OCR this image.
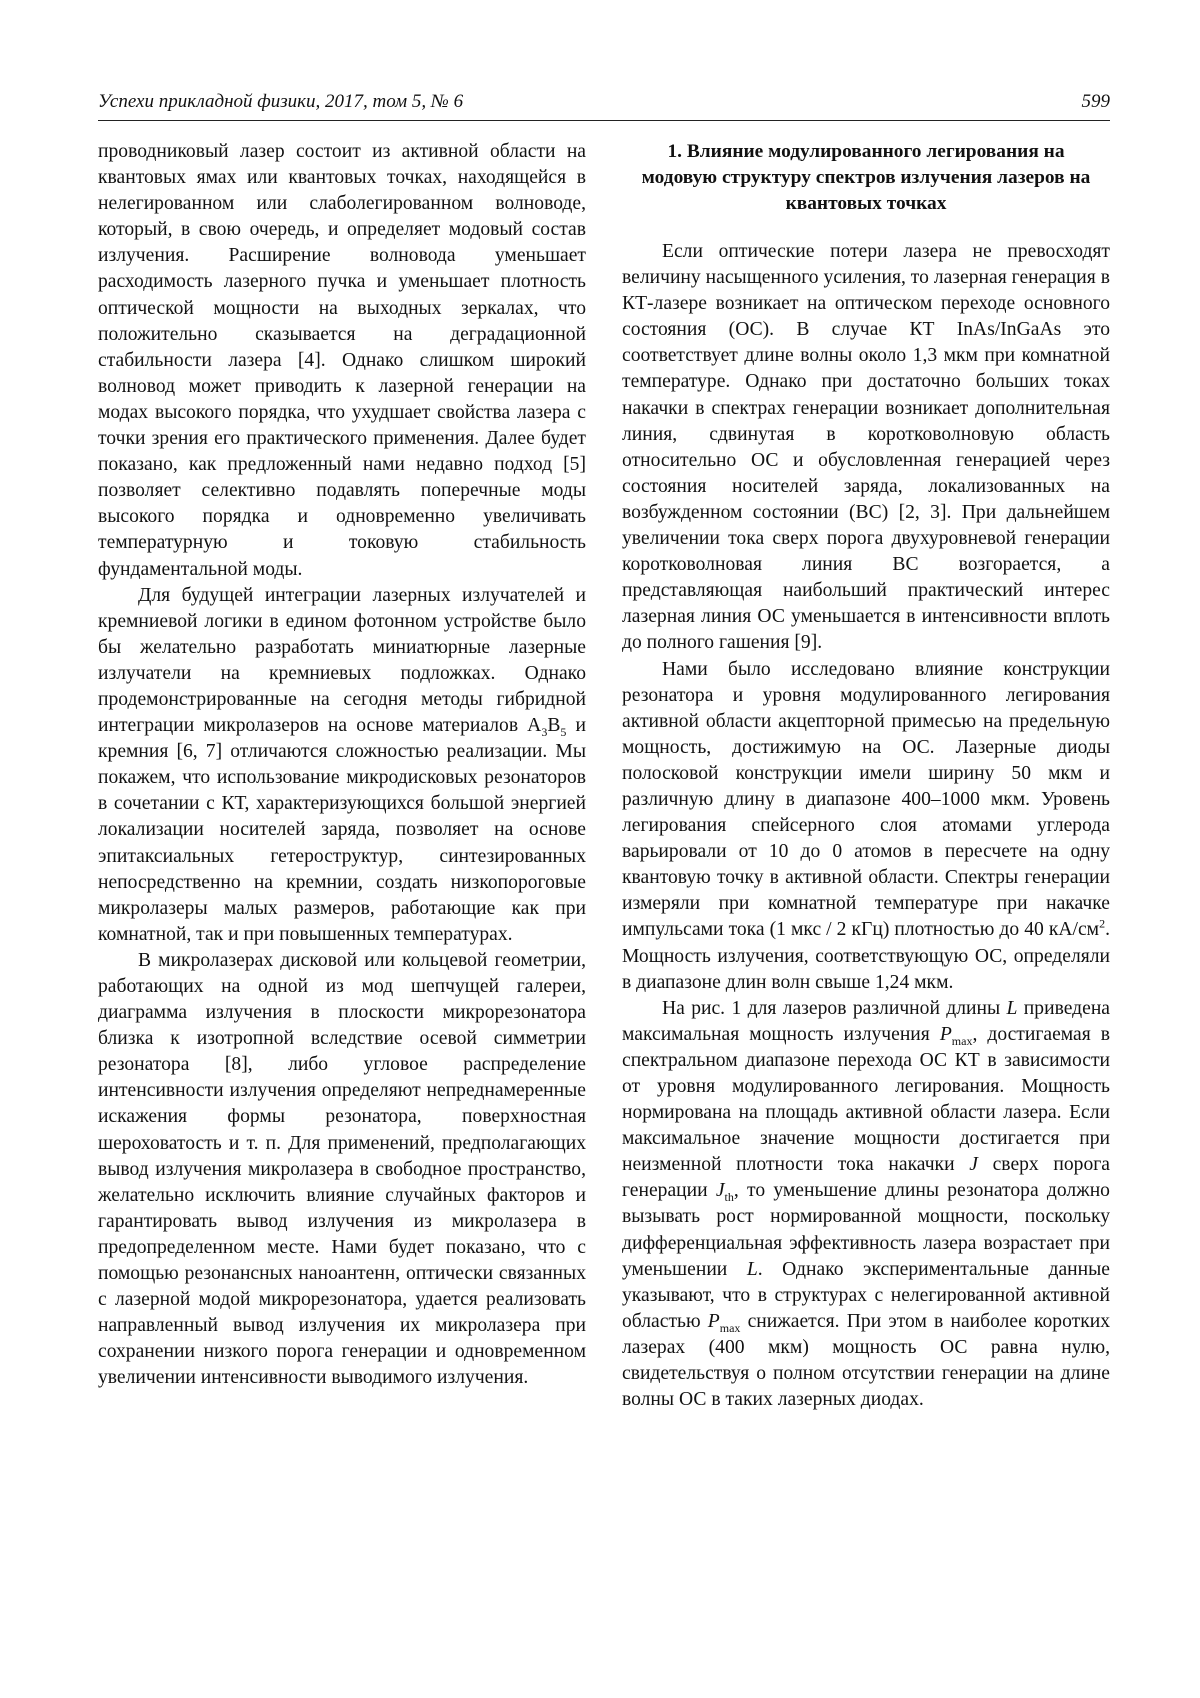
Успехи прикладной физики, 2017, том 5, № 6	599

проводниковый лазер состоит из активной области на квантовых ямах или квантовых точках, находящейся в нелегированном или слаболегированном волноводе, который, в свою очередь, и определяет модовый состав излучения. Расширение волновода уменьшает расходимость лазерного пучка и уменьшает плотность оптической мощности на выходных зеркалах, что положительно сказывается на деградационной стабильности лазера [4]. Однако слишком широкий волновод может приводить к лазерной генерации на модах высокого порядка, что ухудшает свойства лазера с точки зрения его практического применения. Далее будет показано, как предложенный нами недавно подход [5] позволяет селективно подавлять поперечные моды высокого порядка и одновременно увеличивать температурную и токовую стабильность фундаментальной моды.

Для будущей интеграции лазерных излучателей и кремниевой логики в едином фотонном устройстве было бы желательно разработать миниатюрные лазерные излучатели на кремниевых подложках. Однако продемонстрированные на сегодня методы гибридной интеграции микролазеров на основе материалов $A_3B_5$ и кремния [6, 7] отличаются сложностью реализации. Мы покажем, что использование микродисковых резонаторов в сочетании с КТ, характеризующихся большой энергией локализации носителей заряда, позволяет на основе эпитаксиальных гетероструктур, синтезированных непосредственно на кремнии, создать низкопороговые микролазеры малых размеров, работающие как при комнатной, так и при повышенных температурах.

В микролазерах дисковой или кольцевой геометрии, работающих на одной из мод шепчущей галереи, диаграмма излучения в плоскости микрорезонатора близка к изотропной вследствие осевой симметрии резонатора [8], либо угловое распределение интенсивности излучения определяют непреднамеренные искажения формы резонатора, поверхностная шероховатость и т. п. Для применений, предполагающих вывод излучения микролазера в свободное пространство, желательно исключить влияние случайных факторов и гарантировать вывод излучения из микролазера в предопределенном месте. Нами будет показано, что с помощью резонансных наноантенн, оптически связанных с лазерной модой микрорезонатора, удается реализовать направленный вывод излучения их микролазера при сохранении низкого порога генерации и одновременном увеличении интенсивности выводимого излучения.

1. Влияние модулированного легирования на модовую структуру спектров излучения лазеров на квантовых точках

Если оптические потери лазера не превосходят величину насыщенного усиления, то лазерная генерация в КТ-лазере возникает на оптическом переходе основного состояния (ОС). В случае КТ InAs/InGaAs это соответствует длине волны около 1,3 мкм при комнатной температуре. Однако при достаточно больших токах накачки в спектрах генерации возникает дополнительная линия, сдвинутая в коротковолновую область относительно ОС и обусловленная генерацией через состояния носителей заряда, локализованных на возбужденном состоянии (ВС) [2, 3]. При дальнейшем увеличении тока сверх порога двухуровневой генерации коротковолновая линия ВС возгорается, а представляющая наибольший практический интерес лазерная линия ОС уменьшается в интенсивности вплоть до полного гашения [9].

Нами было исследовано влияние конструкции резонатора и уровня модулированного легирования активной области акцепторной примесью на предельную мощность, достижимую на ОС. Лазерные диоды полосковой конструкции имели ширину 50 мкм и различную длину в диапазоне 400–1000 мкм. Уровень легирования спейсерного слоя атомами углерода варьировали от 10 до 0 атомов в пересчете на одну квантовую точку в активной области. Спектры генерации измеряли при комнатной температуре при накачке импульсами тока (1 мкс / 2 кГц) плотностью до 40 $кА/см^2$. Мощность излучения, соответствующую ОС, определяли в диапазоне длин волн свыше 1,24 мкм.

На рис. 1 для лазеров различной длины L приведена максимальная мощность излучения $P_{max}$, достигаемая в спектральном диапазоне перехода ОС КТ в зависимости от уровня модулированного легирования. Мощность нормирована на площадь активной области лазера. Если максимальное значение мощности достигается при неизменной плотности тока накачки J сверх порога генерации $J_{th}$, то уменьшение длины резонатора должно вызывать рост нормированной мощности, поскольку дифференциальная эффективность лазера возрастает при уменьшении L. Однако экспериментальные данные указывают, что в структурах с нелегированной активной областью $P_{max}$ снижается. При этом в наиболее коротких лазерах (400 мкм) мощность ОС равна нулю, свидетельствуя о полном отсутствии генерации на длине волны ОС в таких лазерных диодах.
